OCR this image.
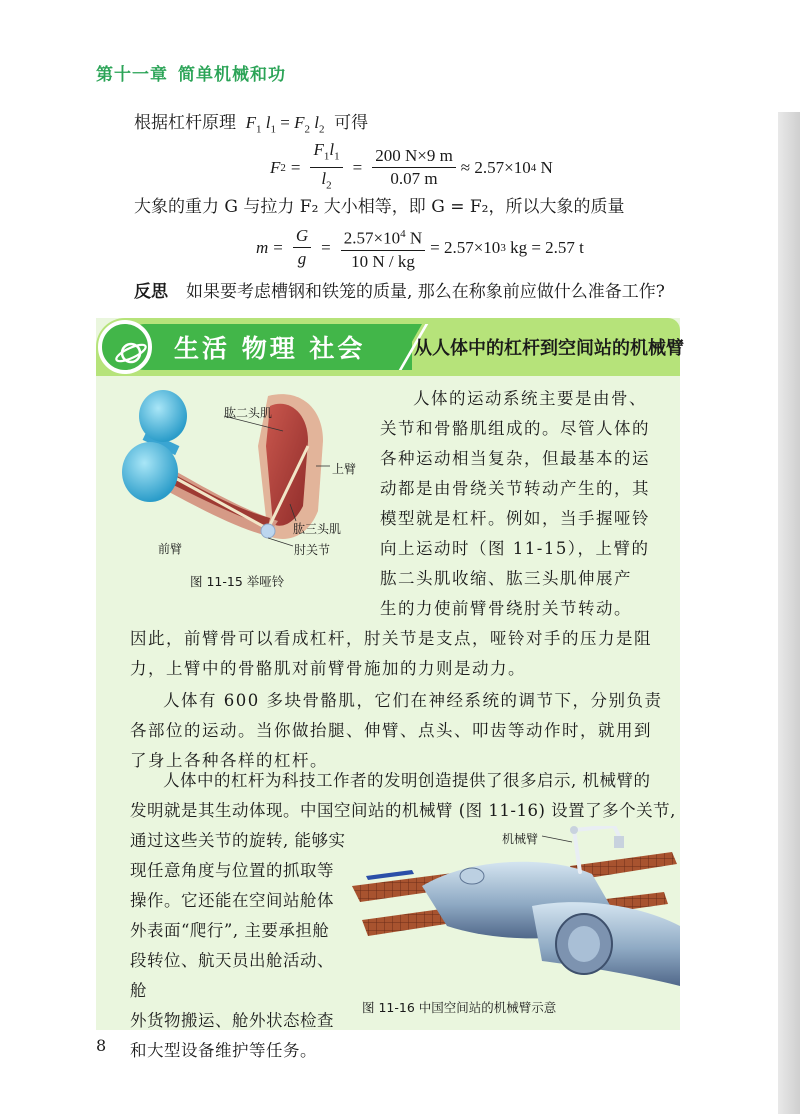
第十一章 简单机械和功
根据杠杆原理 $F_1$ $l_1 = F_2$ $l_2$ 可得
F $2 = \frac{F_1l_1}{l_2} = \frac{200 N\times 9 m}{0.07 m} \approx 2.57\times 10$ 4
N
大象的重力 G 与拉力 F₂ 大小相等，即 G = F₂，所以大象的质量
$m = \frac{G}{g} = \frac{2.57\times 10^4 N}{10 N / kg} = 2.57\times 10$ 3
kg = 2.57 t
反思 如果要考虑槽钢和铁笼的质量, 那么在称象前应做什么准备工作?
生活 物理 社会	从人体中的杠杆到空间站的机械臂
人体的运动系统主要是由骨、
关节和骨骼肌组成的。尽管人体的
各种运动相当复杂，但最基本的运
动都是由骨绕关节转动产生的，其
模型就是杠杆。例如，当手握哑铃
向上运动时（图 11-15），上臂的
肱二头肌收缩、肱三头肌伸展产
生的力使前臂骨绕肘关节转动。
因此，前臂骨可以看成杠杆，肘关节是支点，哑铃对手的压力是阻
力，上臂中的骨骼肌对前臂骨施加的力则是动力。
人体有 600 多块骨骼肌，它们在神经系统的调节下，分别负责
各部位的运动。当你做抬腿、伸臂、点头、叩齿等动作时，就用到
了身上各种各样的杠杆。
人体中的杠杆为科技工作者的发明创造提供了很多启示, 机械臂的
发明就是其生动体现。中国空间站的机械臂 (图 11-16) 设置了多个关节,
通过这些关节的旋转, 能够实
现任意角度与位置的抓取等
操作。它还能在空间站舱体
外表面“爬行”, 主要承担舱
段转位、航天员出舱活动、舱
外货物搬运、舱外状态检查
和大型设备维护等任务。
肱二头肌
上臂
肱三头肌
前臂	肘关节
图 11-15 举哑铃
机械臂
图 11-16 中国空间站的机械臂示意
8
